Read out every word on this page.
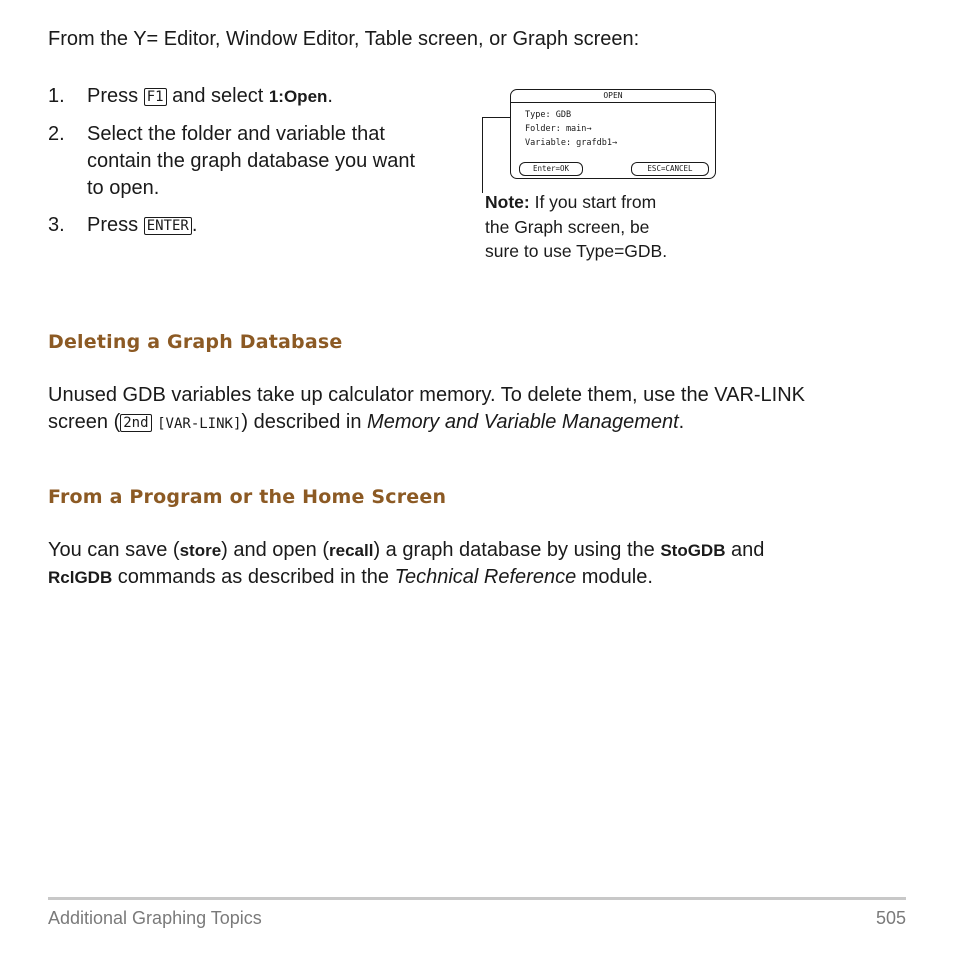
From the Y= Editor, Window Editor, Table screen, or Graph screen:
1. Press F1 and select 1:Open.
2. Select the folder and variable that
contain the graph database you want
to open.
3. Press ENTER .
OPEN
Type: GDB
Folder: main→
Variable: grafdb1→
Enter=OK	ESC=CANCEL
Note: If you start from
the Graph screen, be
sure to use Type=GDB.
Deleting a Graph Database
Unused GDB variables take up calculator memory. To delete them, use the VAR-LINK
screen ( 2nd [VAR-LINK]) described in Memory and Variable Management.
From a Program or the Home Screen
You can save (store) and open (recall) a graph database by using the StoGDB and
RclGDB commands as described in the Technical Reference module.
Additional Graphing Topics	505
